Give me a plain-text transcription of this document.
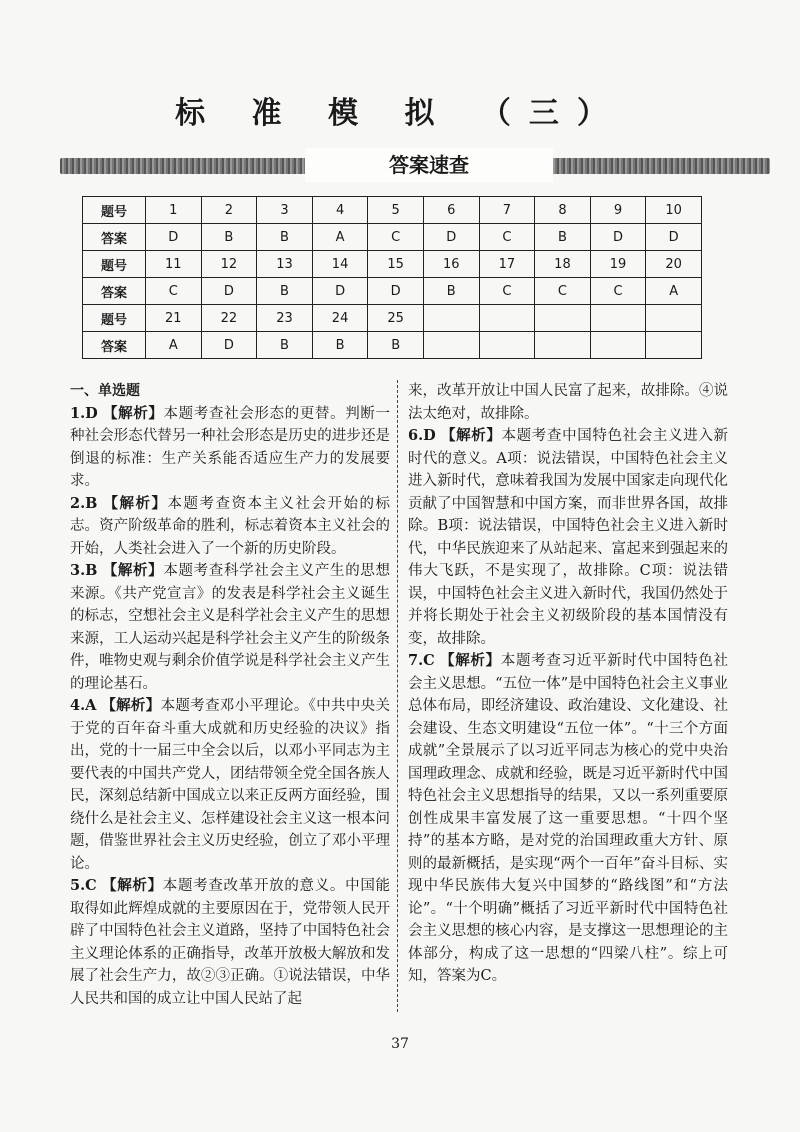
标 准 模 拟 （三）
答案速查
题号	1	2	3	4	5	6	7	8	9	10
答案	D	B	B	A	C	D	C	B	D	D
题号	11	12	13	14	15	16	17	18	19	20
答案	C	D	B	D	D	B	C	C	C	A
题号	21	22	23	24	25					
答案	A	D	B	B	B					
一、单选题
1.D 【解析】本题考查社会形态的更替。判断一种社会形态代替另一种社会形态是历史的进步还是倒退的标准：生产关系能否适应生产力的发展要求。
2.B 【解析】本题考查资本主义社会开始的标志。资产阶级革命的胜利，标志着资本主义社会的开始，人类社会进入了一个新的历史阶段。
3.B 【解析】本题考查科学社会主义产生的思想来源。《共产党宣言》的发表是科学社会主义诞生的标志，空想社会主义是科学社会主义产生的思想来源，工人运动兴起是科学社会主义产生的阶级条件，唯物史观与剩余价值学说是科学社会主义产生的理论基石。
4.A 【解析】本题考查邓小平理论。《中共中央关于党的百年奋斗重大成就和历史经验的决议》指出，党的十一届三中全会以后，以邓小平同志为主要代表的中国共产党人，团结带领全党全国各族人民，深刻总结新中国成立以来正反两方面经验，围绕什么是社会主义、怎样建设社会主义这一根本问题，借鉴世界社会主义历史经验，创立了邓小平理论。
5.C 【解析】本题考查改革开放的意义。中国能取得如此辉煌成就的主要原因在于，党带领人民开辟了中国特色社会主义道路，坚持了中国特色社会主义理论体系的正确指导，改革开放极大解放和发展了社会生产力，故②③正确。①说法错误，中华人民共和国的成立让中国人民站了起
来，改革开放让中国人民富了起来，故排除。④说法太绝对，故排除。
6.D 【解析】本题考查中国特色社会主义进入新时代的意义。A项：说法错误，中国特色社会主义进入新时代，意味着我国为发展中国家走向现代化贡献了中国智慧和中国方案，而非世界各国，故排除。B项：说法错误，中国特色社会主义进入新时代，中华民族迎来了从站起来、富起来到强起来的伟大飞跃，不是实现了，故排除。C项：说法错误，中国特色社会主义进入新时代，我国仍然处于并将长期处于社会主义初级阶段的基本国情没有变，故排除。
7.C 【解析】本题考查习近平新时代中国特色社会主义思想。“五位一体”是中国特色社会主义事业总体布局，即经济建设、政治建设、文化建设、社会建设、生态文明建设“五位一体”。“十三个方面成就”全景展示了以习近平同志为核心的党中央治国理政理念、成就和经验，既是习近平新时代中国特色社会主义思想指导的结果，又以一系列重要原创性成果丰富发展了这一重要思想。“十四个坚持”的基本方略，是对党的治国理政重大方针、原则的最新概括，是实现“两个一百年”奋斗目标、实现中华民族伟大复兴中国梦的“路线图”和“方法论”。“十个明确”概括了习近平新时代中国特色社会主义思想的核心内容，是支撑这一思想理论的主体部分，构成了这一思想的“四梁八柱”。综上可知，答案为C。
37
